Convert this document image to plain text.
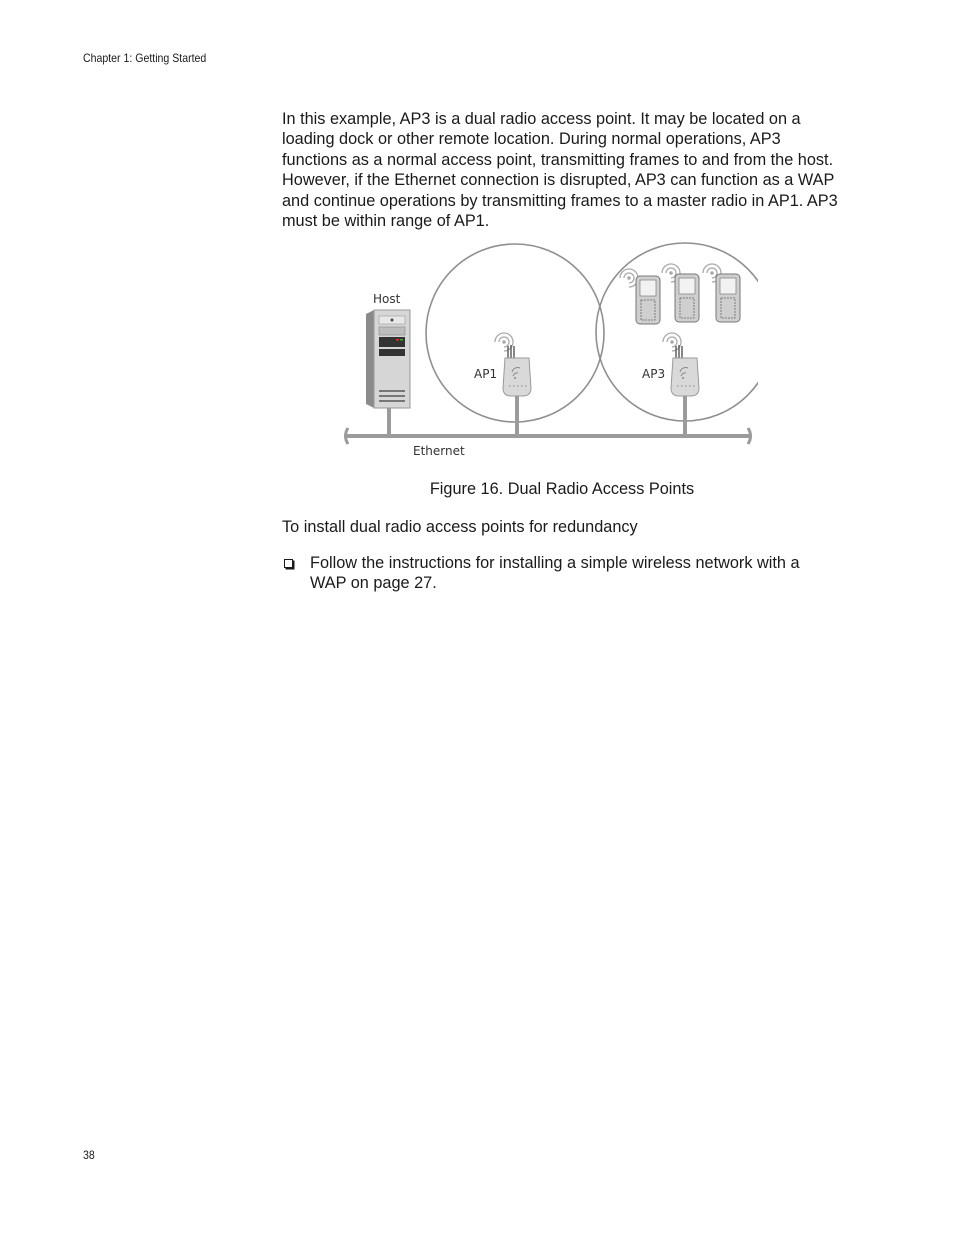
Chapter 1: Getting Started

In this example, AP3 is a dual radio access point. It may be located on a loading dock or other remote location. During normal operations, AP3 functions as a normal access point, transmitting frames to and from the host. However, if the Ethernet connection is disrupted, AP3 can function as a WAP and continue operations by transmitting frames to a master radio in AP1. AP3 must be within range of AP1.

Host
AP1	AP3
Ethernet
Figure 16. Dual Radio Access Points

To install dual radio access points for redundancy

Follow the instructions for installing a simple wireless network with a WAP on page 27.

38
